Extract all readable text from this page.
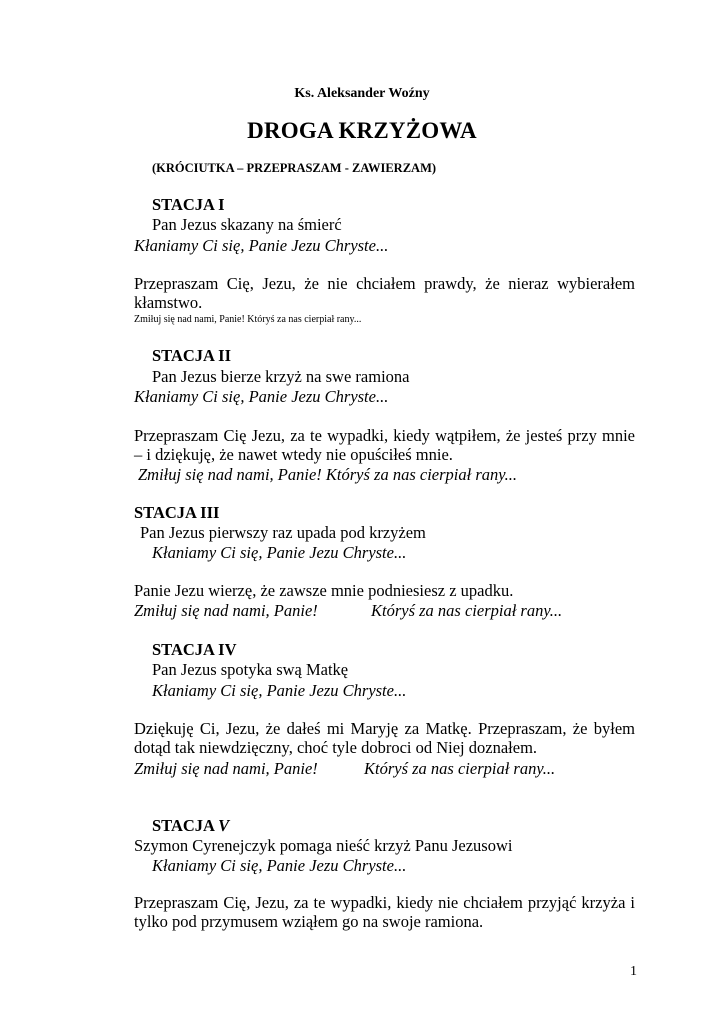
Ks. Aleksander Woźny
DROGA KRZYŻOWA
(KRÓCIUTKA – PRZEPRASZAM - ZAWIERZAM)
STACJA I
Pan Jezus skazany na śmierć
Kłaniamy Ci się, Panie Jezu Chryste...
Przepraszam Cię, Jezu, że nie chciałem prawdy, że nieraz wybierałem kłamstwo.
Zmiłuj się nad nami, Panie! Któryś za nas cierpiał rany...
STACJA II
Pan Jezus bierze krzyż na swe ramiona
Kłaniamy Ci się, Panie Jezu Chryste...
Przepraszam Cię Jezu, za te wypadki, kiedy wątpiłem, że jesteś przy mnie – i dziękuję, że nawet wtedy nie opuściłeś mnie.
Zmiłuj się nad nami, Panie! Któryś za nas cierpiał rany...
STACJA III
Pan Jezus pierwszy raz upada pod krzyżem
Kłaniamy Ci się, Panie Jezu Chryste...
Panie Jezu wierzę, że zawsze mnie podniesiesz z upadku.
Zmiłuj się nad nami, Panie!	Któryś za nas cierpiał rany...
STACJA IV
Pan Jezus spotyka swą Matkę
Kłaniamy Ci się, Panie Jezu Chryste...
Dziękuję Ci, Jezu, że dałeś mi Maryję za Matkę. Przepraszam, że byłem dotąd tak niewdzięczny, choć tyle dobroci od Niej doznałem.
Zmiłuj się nad nami, Panie!	Któryś za nas cierpiał rany...
STACJA V
Szymon Cyrenejczyk pomaga nieść krzyż Panu Jezusowi
Kłaniamy Ci się, Panie Jezu Chryste...
Przepraszam Cię, Jezu, za te wypadki, kiedy nie chciałem przyjąć krzyża i tylko pod przymusem wziąłem go na swoje ramiona.
1
